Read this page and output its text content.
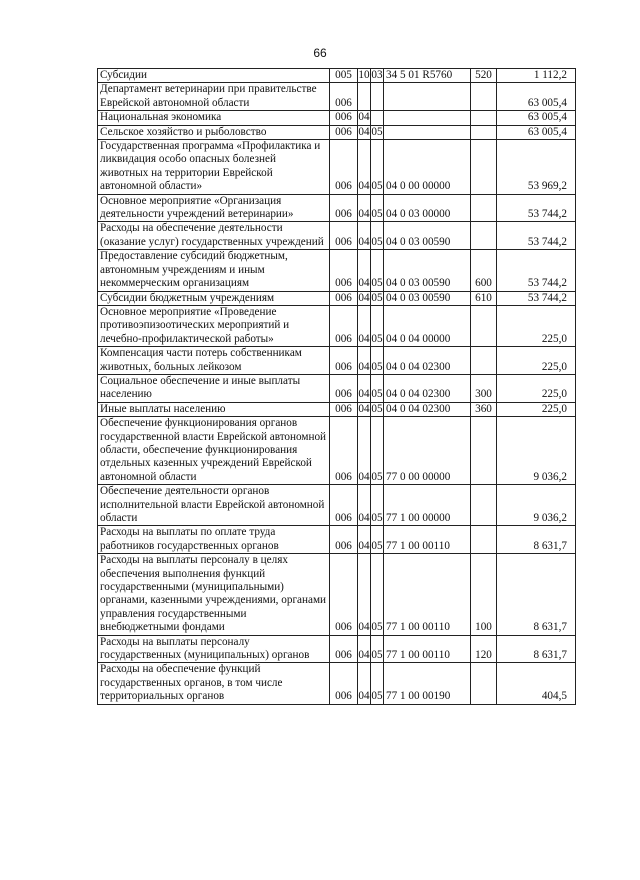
66
Субсидии	005	10	03	34 5 01 R5760	520	1 112,2
Департамент ветеринарии при правительстве Еврейской автономной области	006					63 005,4
Национальная экономика	006	04				63 005,4
Сельское хозяйство и рыболовство	006	04	05			63 005,4
Государственная программа «Профилактика и ликвидация особо опасных болезней животных на территории Еврейской автономной области»	006	04	05	04 0 00 00000		53 969,2
Основное мероприятие «Организация деятельности учреждений ветеринарии»	006	04	05	04 0 03 00000		53 744,2
Расходы на обеспечение деятельности (оказание услуг) государственных учреждений	006	04	05	04 0 03 00590		53 744,2
Предоставление субсидий бюджетным, автономным учреждениям и иным некоммерческим организациям	006	04	05	04 0 03 00590	600	53 744,2
Субсидии бюджетным учреждениям	006	04	05	04 0 03 00590	610	53 744,2
Основное мероприятие «Проведение противоэпизоотических мероприятий и лечебно-профилактической работы»	006	04	05	04 0 04 00000		225,0
Компенсация части потерь собственникам животных, больных лейкозом	006	04	05	04 0 04 02300		225,0
Социальное обеспечение и иные выплаты населению	006	04	05	04 0 04 02300	300	225,0
Иные выплаты населению	006	04	05	04 0 04 02300	360	225,0
Обеспечение функционирования органов государственной власти Еврейской автономной области, обеспечение функционирования отдельных казенных учреждений Еврейской автономной области	006	04	05	77 0 00 00000		9 036,2
Обеспечение деятельности органов исполнительной власти Еврейской автономной области	006	04	05	77 1 00 00000		9 036,2
Расходы на выплаты по оплате труда работников государственных органов	006	04	05	77 1 00 00110		8 631,7
Расходы на выплаты персоналу в целях обеспечения выполнения функций государственными (муниципальными) органами, казенными учреждениями, органами управления государственными внебюджетными фондами	006	04	05	77 1 00 00110	100	8 631,7
Расходы на выплаты персоналу государственных (муниципальных) органов	006	04	05	77 1 00 00110	120	8 631,7
Расходы на обеспечение функций государственных органов, в том числе территориальных органов	006	04	05	77 1 00 00190		404,5
